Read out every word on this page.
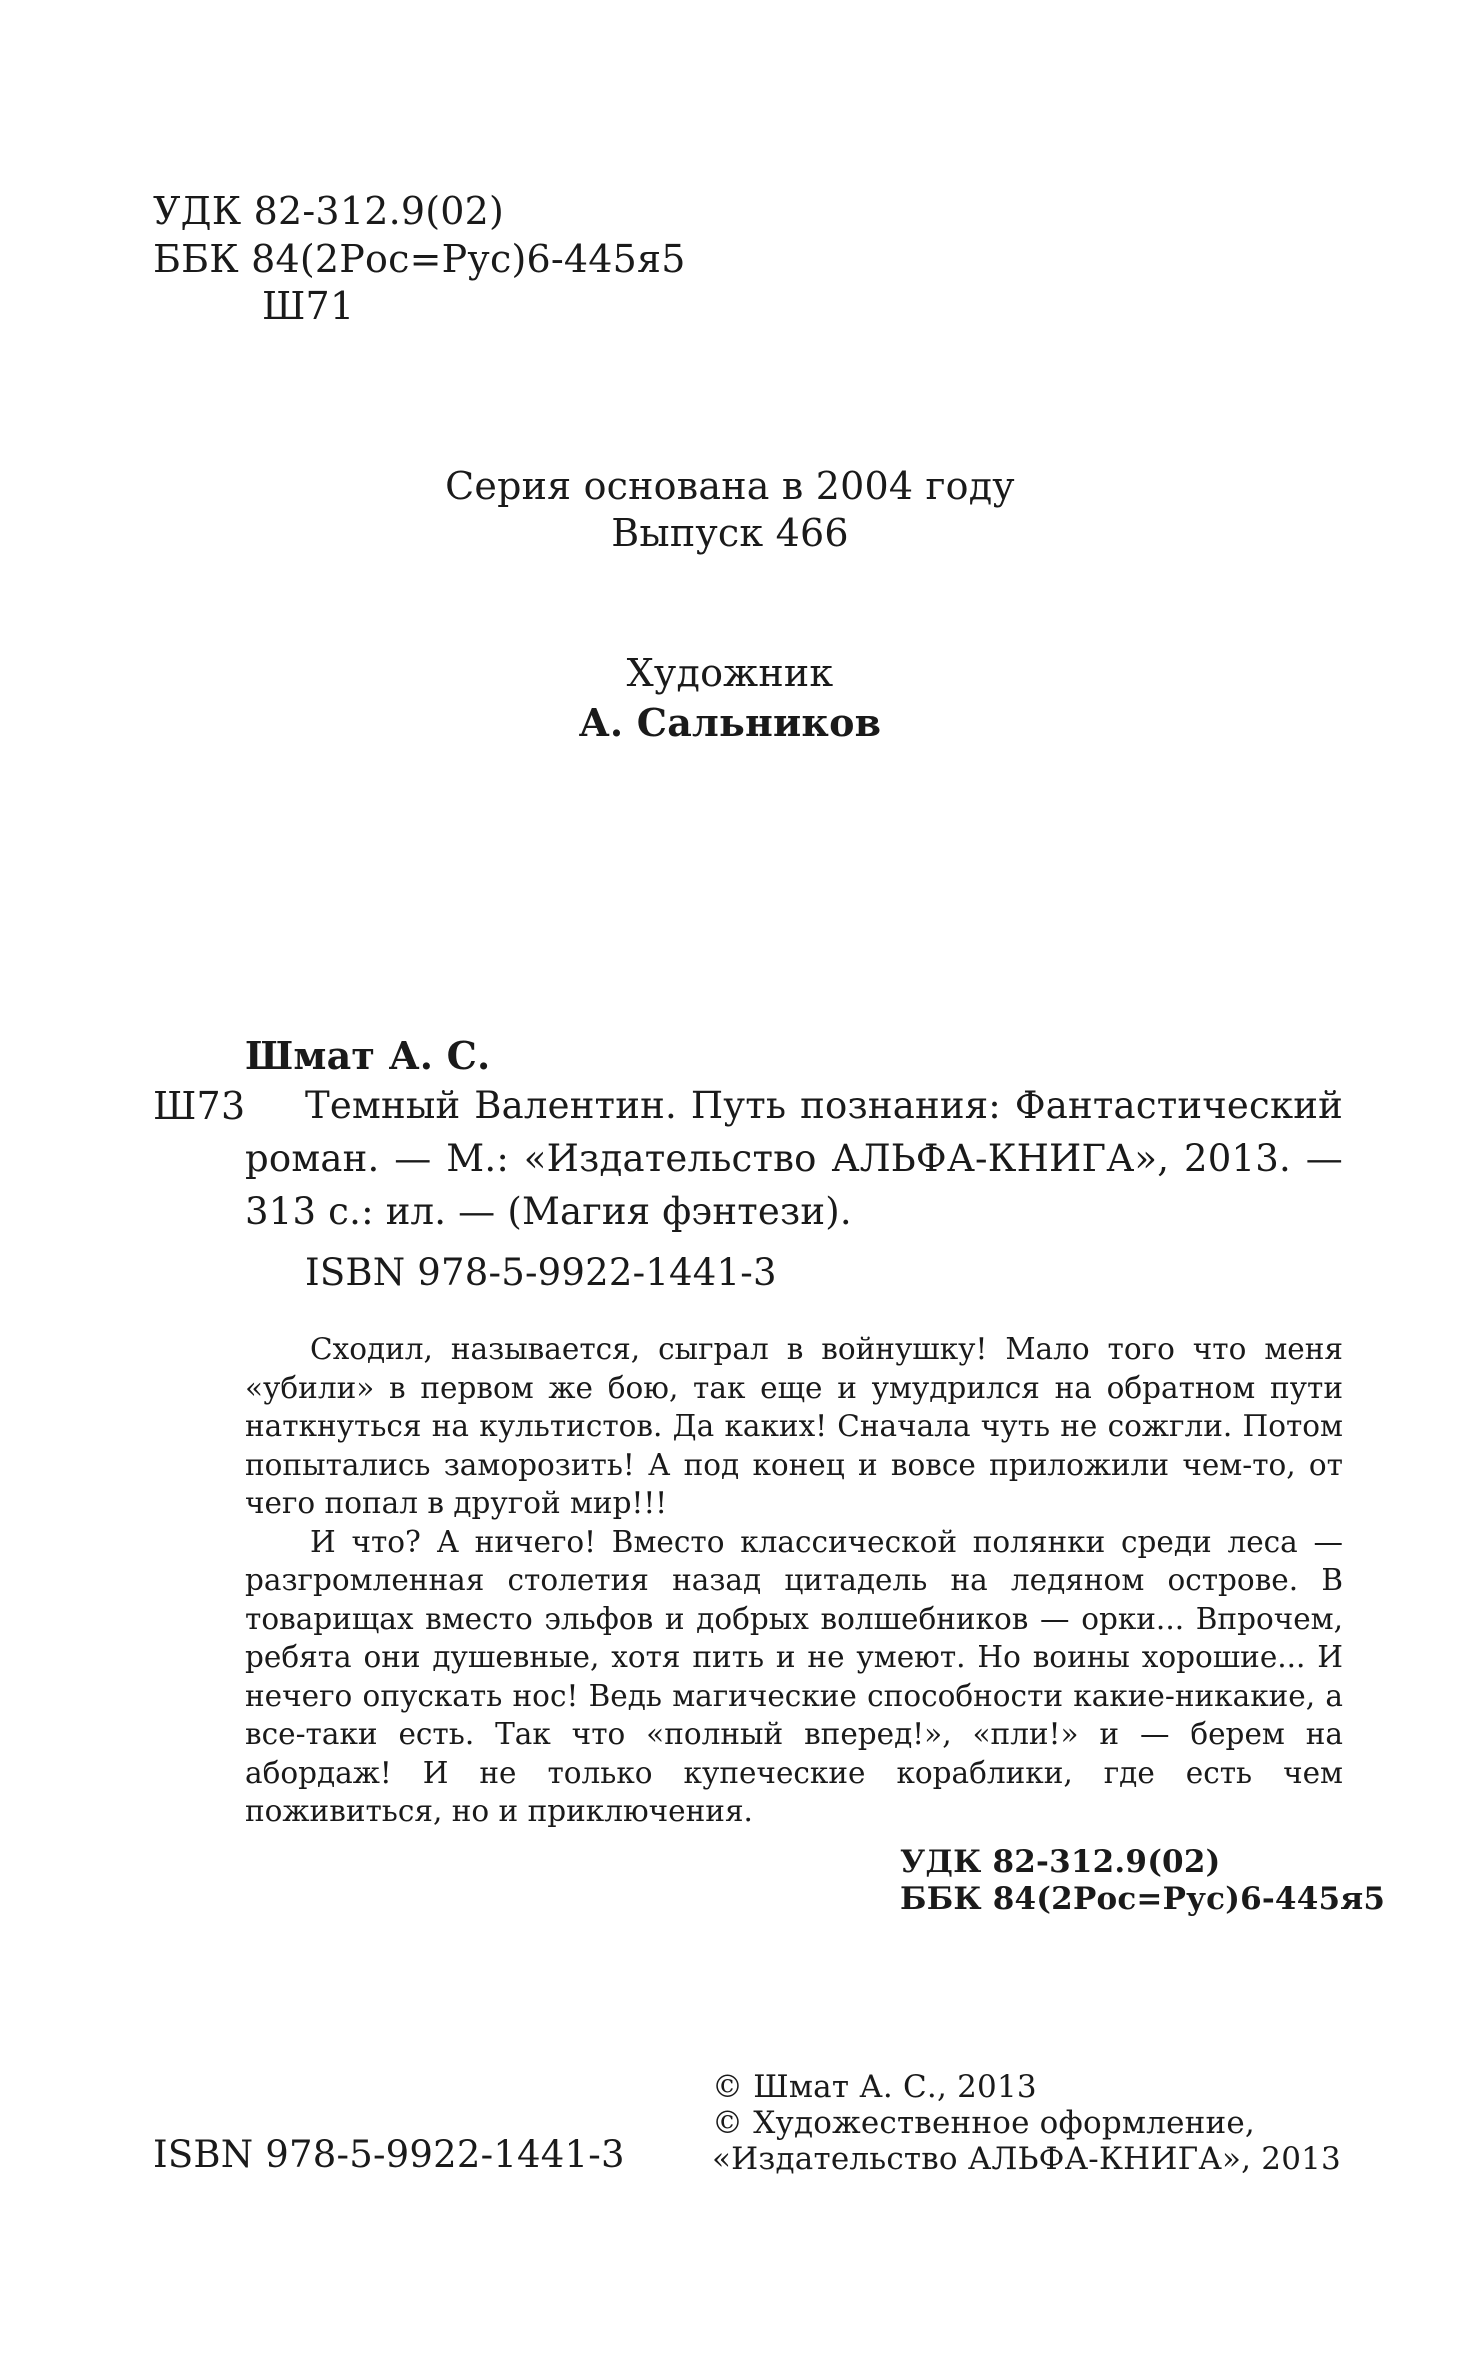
УДК 82-312.9(02)
ББК 84(2Рос=Рус)6-445я5
Ш71
Серия основана в 2004 году
Выпуск 466
Художник
А. Сальников
Шмат А. С.
Ш73 Темный Валентин. Путь познания: Фантастический
роман. — М.: «Издательство АЛЬФА-КНИГА», 2013. —
313 с.: ил. — (Магия фэнтези).
ISBN 978-5-9922-1441-3

Сходил, называется, сыграл в войнушку! Мало того что меня «убили» в первом же бою, так еще и умудрился на обратном пути наткнуться на культистов. Да каких! Сначала чуть не сожгли. Потом попытались заморозить! А под конец и вовсе приложили чем-то, от чего попал в другой мир!!!

И что? А ничего! Вместо классической полянки среди леса — разгромленная столетия назад цитадель на ледяном острове. В товарищах вместо эльфов и добрых волшебников — орки... Впрочем, ребята они душевные, хотя пить и не умеют. Но воины хорошие... И нечего опускать нос! Ведь магические способности какие-никакие, а все-таки есть. Так что «полный вперед!», «пли!» и — берем на абордаж! И не только купеческие кораблики, где есть чем поживиться, но и приключения.

УДК 82-312.9(02)
ББК 84(2Рос=Рус)6-445я5
ISBN 978-5-9922-1441-3
© Шмат А. С., 2013
© Художественное оформление,
«Издательство АЛЬФА-КНИГА», 2013
